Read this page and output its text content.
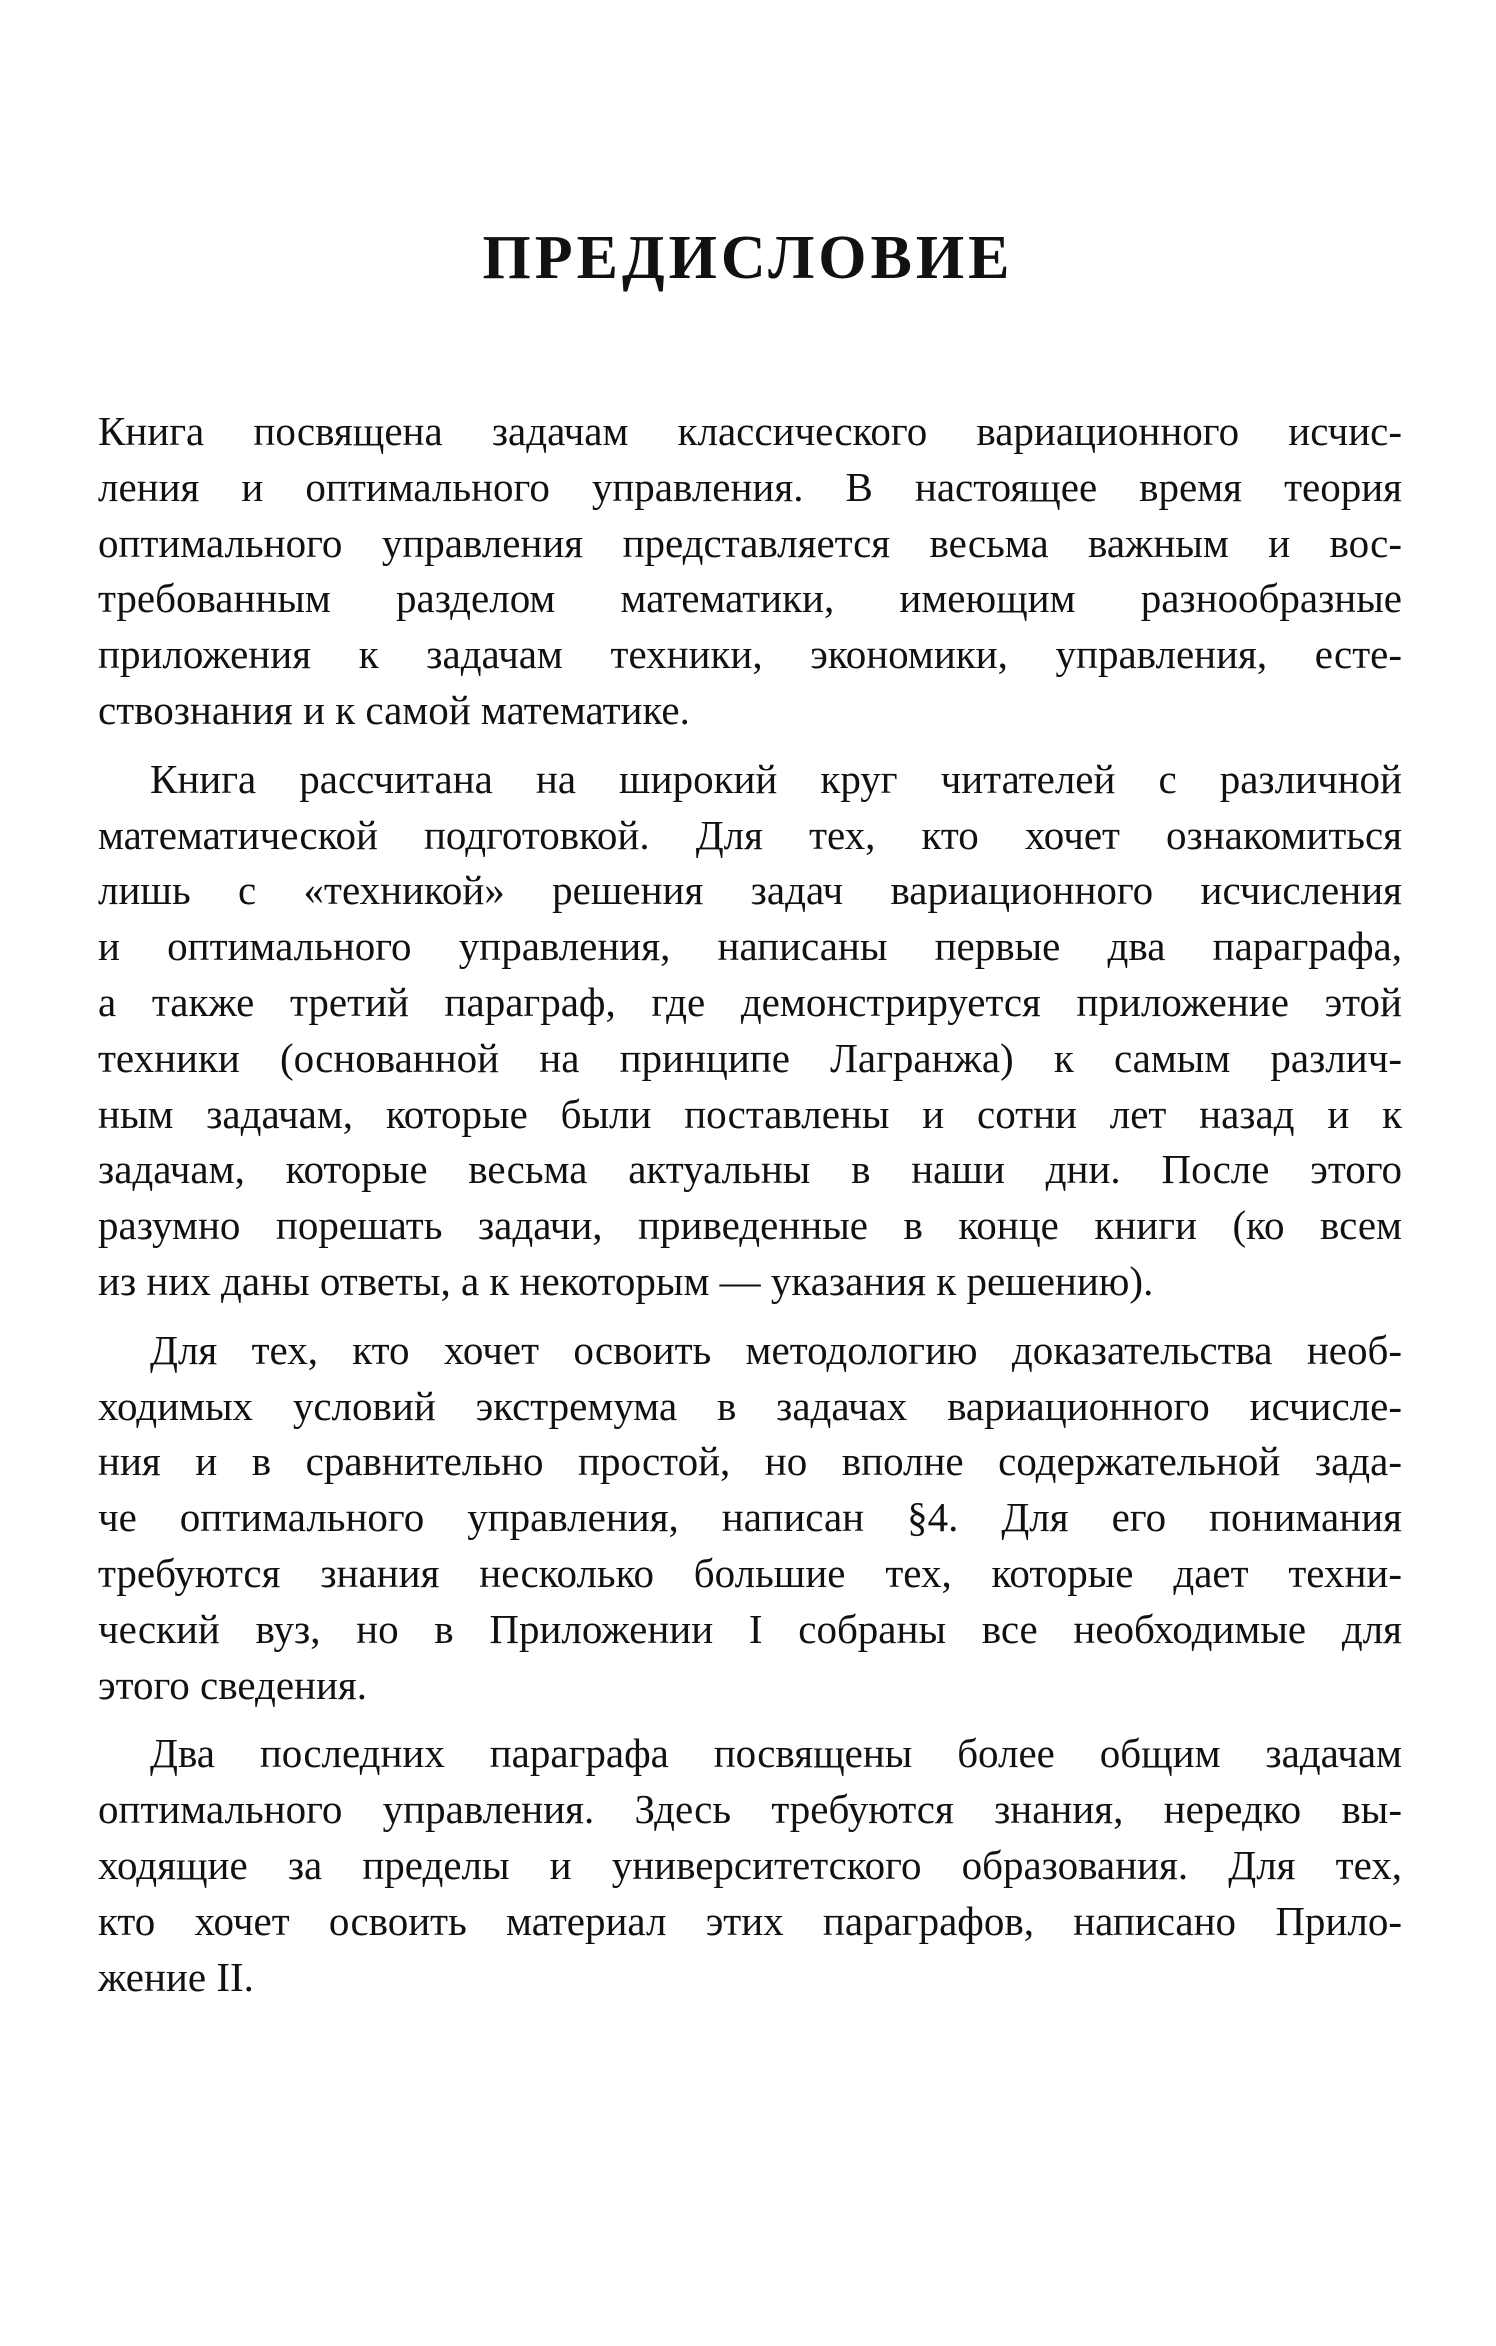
ПРЕДИСЛОВИЕ
Книга посвящена задачам классического вариационного исчис-
ления и оптимального управления. В настоящее время теория
оптимального управления представляется весьма важным и вос-
требованным разделом математики, имеющим разнообразные
приложения к задачам техники, экономики, управления, есте-
ствознания и к самой математике.
Книга рассчитана на широкий круг читателей с различной
математической подготовкой. Для тех, кто хочет ознакомиться
лишь с «техникой» решения задач вариационного исчисления
и оптимального управления, написаны первые два параграфа,
а также третий параграф, где демонстрируется приложение этой
техники (основанной на принципе Лагранжа) к самым различ-
ным задачам, которые были поставлены и сотни лет назад и к
задачам, которые весьма актуальны в наши дни. После этого
разумно порешать задачи, приведенные в конце книги (ко всем
из них даны ответы, а к некоторым — указания к решению).
Для тех, кто хочет освоить методологию доказательства необ-
ходимых условий экстремума в задачах вариационного исчисле-
ния и в сравнительно простой, но вполне содержательной зада-
че оптимального управления, написан §4. Для его понимания
требуются знания несколько большие тех, которые дает техни-
ческий вуз, но в Приложении I собраны все необходимые для
этого сведения.
Два последних параграфа посвящены более общим задачам
оптимального управления. Здесь требуются знания, нередко вы-
ходящие за пределы и университетского образования. Для тех,
кто хочет освоить материал этих параграфов, написано Прило-
жение II.
